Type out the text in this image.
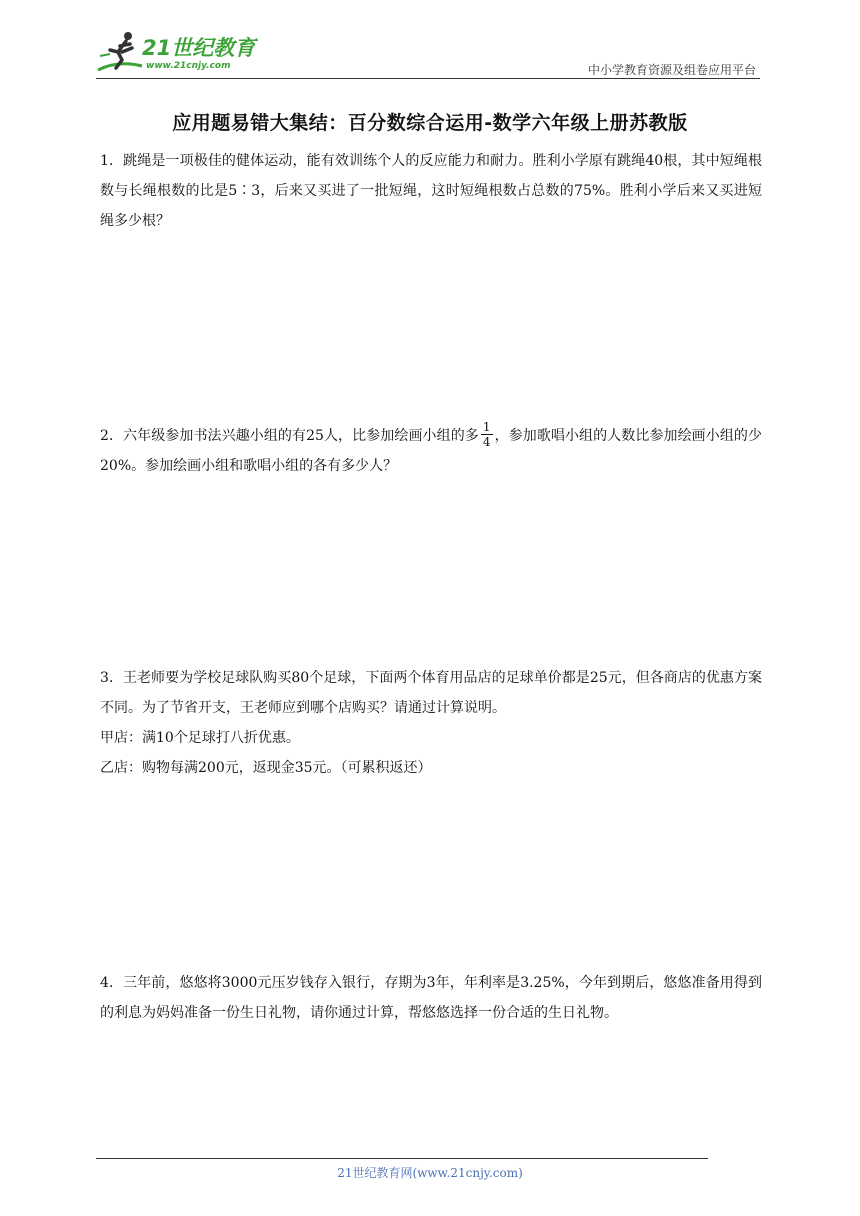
21世纪教育
www.21cnjy.com	中小学教育资源及组卷应用平台
应用题易错大集结：百分数综合运用-数学六年级上册苏教版

1．跳绳是一项极佳的健体运动，能有效训练个人的反应能力和耐力。胜利小学原有跳绳40根，其中短绳根数与长绳根数的比是5∶3，后来又买进了一批短绳，这时短绳根数占总数的75%。胜利小学后来又买进短绳多少根？

2．六年级参加书法兴趣小组的有25人，比参加绘画小组的多 $\frac{1}{4}$ ，参加歌唱小组的人数比参加绘画小组的少20%。参加绘画小组和歌唱小组的各有多少人？

3．王老师要为学校足球队购买80个足球，下面两个体育用品店的足球单价都是25元，但各商店的优惠方案不同。为了节省开支，王老师应到哪个店购买？请通过计算说明。

甲店：满10个足球打八折优惠。

乙店：购物每满200元，返现金35元。（可累积返还）

4．三年前，悠悠将3000元压岁钱存入银行，存期为3年，年利率是3.25%，今年到期后，悠悠准备用得到的利息为妈妈准备一份生日礼物，请你通过计算，帮悠悠选择一份合适的生日礼物。

21世纪教育网(www.21cnjy.com)
